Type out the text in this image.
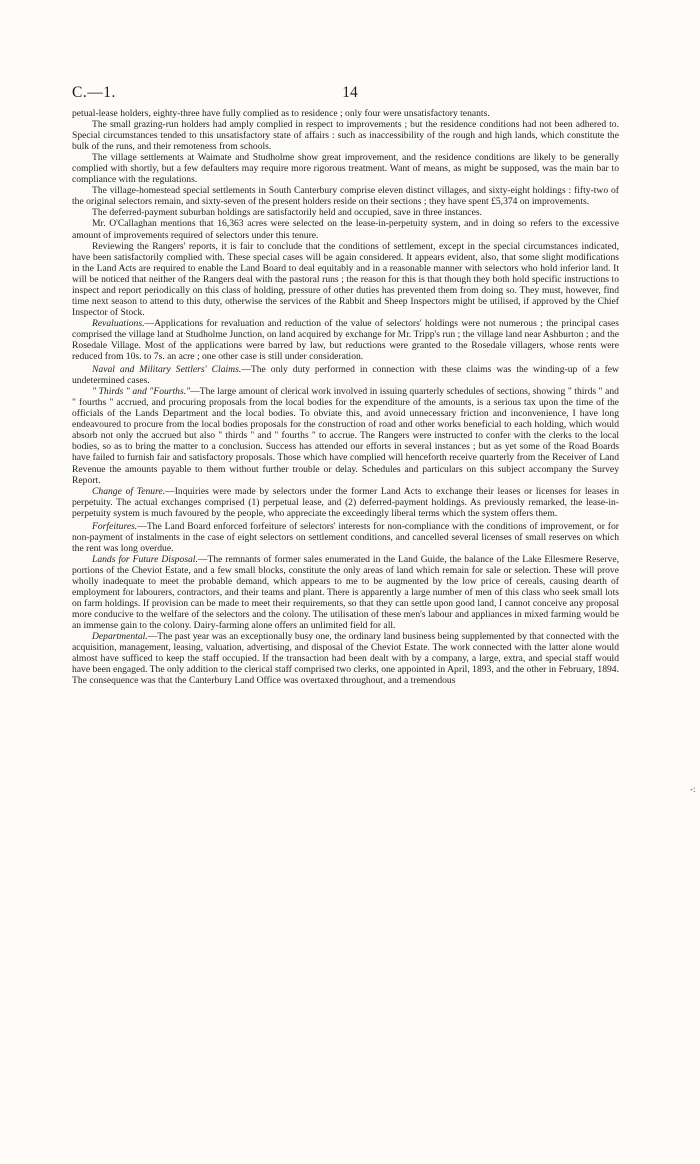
C.—1.	14

petual-lease holders, eighty-three have fully complied as to residence ; only four were unsatisfactory tenants.

The small grazing-run holders had amply complied in respect to improvements ; but the residence conditions had not been adhered to. Special circumstances tended to this unsatisfactory state of affairs : such as inaccessibility of the rough and high lands, which constitute the bulk of the runs, and their remoteness from schools.

The village settlements at Waimate and Studholme show great improvement, and the residence conditions are likely to be generally complied with shortly, but a few defaulters may require more rigorous treatment. Want of means, as might be supposed, was the main bar to compliance with the regulations.

The village-homestead special settlements in South Canterbury comprise eleven distinct villages, and sixty-eight holdings : fifty-two of the original selectors remain, and sixty-seven of the present holders reside on their sections ; they have spent £5,374 on improvements.

The deferred-payment suburban holdings are satisfactorily held and occupied, save in three instances.

Mr. O'Callaghan mentions that 16,363 acres were selected on the lease-in-perpetuity system, and in doing so refers to the excessive amount of improvements required of selectors under this tenure.

Reviewing the Rangers' reports, it is fair to conclude that the conditions of settlement, except in the special circumstances indicated, have been satisfactorily complied with. These special cases will be again considered. It appears evident, also, that some slight modifications in the Land Acts are required to enable the Land Board to deal equitably and in a reasonable manner with selectors who hold inferior land. It will be noticed that neither of the Rangers deal with the pastoral runs ; the reason for this is that though they both hold specific instructions to inspect and report periodically on this class of holding, pressure of other duties has prevented them from doing so. They must, however, find time next season to attend to this duty, otherwise the services of the Rabbit and Sheep Inspectors might be utilised, if approved by the Chief Inspector of Stock.

Revaluations.—Applications for revaluation and reduction of the value of selectors' holdings were not numerous ; the principal cases comprised the village land at Studholme Junction, on land acquired by exchange for Mr. Tripp's run ; the village land near Ashburton ; and the Rosedale Village. Most of the applications were barred by law, but reductions were granted to the Rosedale villagers, whose rents were reduced from 10s. to 7s. an acre ; one other case is still under consideration.

Naval and Military Settlers' Claims.—The only duty performed in connection with these claims was the winding-up of a few undetermined cases.

" Thirds " and "Fourths."—The large amount of clerical work involved in issuing quarterly schedules of sections, showing " thirds " and " fourths " accrued, and procuring proposals from the local bodies for the expenditure of the amounts, is a serious tax upon the time of the officials of the Lands Department and the local bodies. To obviate this, and avoid unnecessary friction and inconvenience, I have long endeavoured to procure from the local bodies proposals for the construction of road and other works beneficial to each holding, which would absorb not only the accrued but also " thirds " and " fourths " to accrue. The Rangers were instructed to confer with the clerks to the local bodies, so as to bring the matter to a conclusion. Success has attended our efforts in several instances ; but as yet some of the Road Boards have failed to furnish fair and satisfactory proposals. Those which have complied will henceforth receive quarterly from the Receiver of Land Revenue the amounts payable to them without further trouble or delay. Schedules and particulars on this subject accompany the Survey Report.

Change of Tenure.—Inquiries were made by selectors under the former Land Acts to exchange their leases or licenses for leases in perpetuity. The actual exchanges comprised (1) perpetual lease, and (2) deferred-payment holdings. As previously remarked, the lease-in-perpetuity system is much favoured by the people, who appreciate the exceedingly liberal terms which the system offers them.

Forfeitures.—The Land Board enforced forfeiture of selectors' interests for non-compliance with the conditions of improvement, or for non-payment of instalments in the case of eight selectors on settlement conditions, and cancelled several licenses of small reserves on which the rent was long overdue.

Lands for Future Disposal.—The remnants of former sales enumerated in the Land Guide, the balance of the Lake Ellesmere Reserve, portions of the Cheviot Estate, and a few small blocks, constitute the only areas of land which remain for sale or selection. These will prove wholly inadequate to meet the probable demand, which appears to me to be augmented by the low price of cereals, causing dearth of employment for labourers, contractors, and their teams and plant. There is apparently a large number of men of this class who seek small lots on farm holdings. If provision can be made to meet their requirements, so that they can settle upon good land, I cannot conceive any proposal more conducive to the welfare of the selectors and the colony. The utilisation of these men's labour and appliances in mixed farming would be an immense gain to the colony. Dairy-farming alone offers an unlimited field for all.

Departmental.—The past year was an exceptionally busy one, the ordinary land business being supplemented by that connected with the acquisition, management, leasing, valuation, advertising, and disposal of the Cheviot Estate. The work connected with the latter alone would almost have sufficed to keep the staff occupied. If the transaction had been dealt with by a company, a large, extra, and special staff would have been engaged. The only addition to the clerical staff comprised two clerks, one appointed in April, 1893, and the other in February, 1894. The consequence was that the Canterbury Land Office was overtaxed throughout, and a tremendous

-:
